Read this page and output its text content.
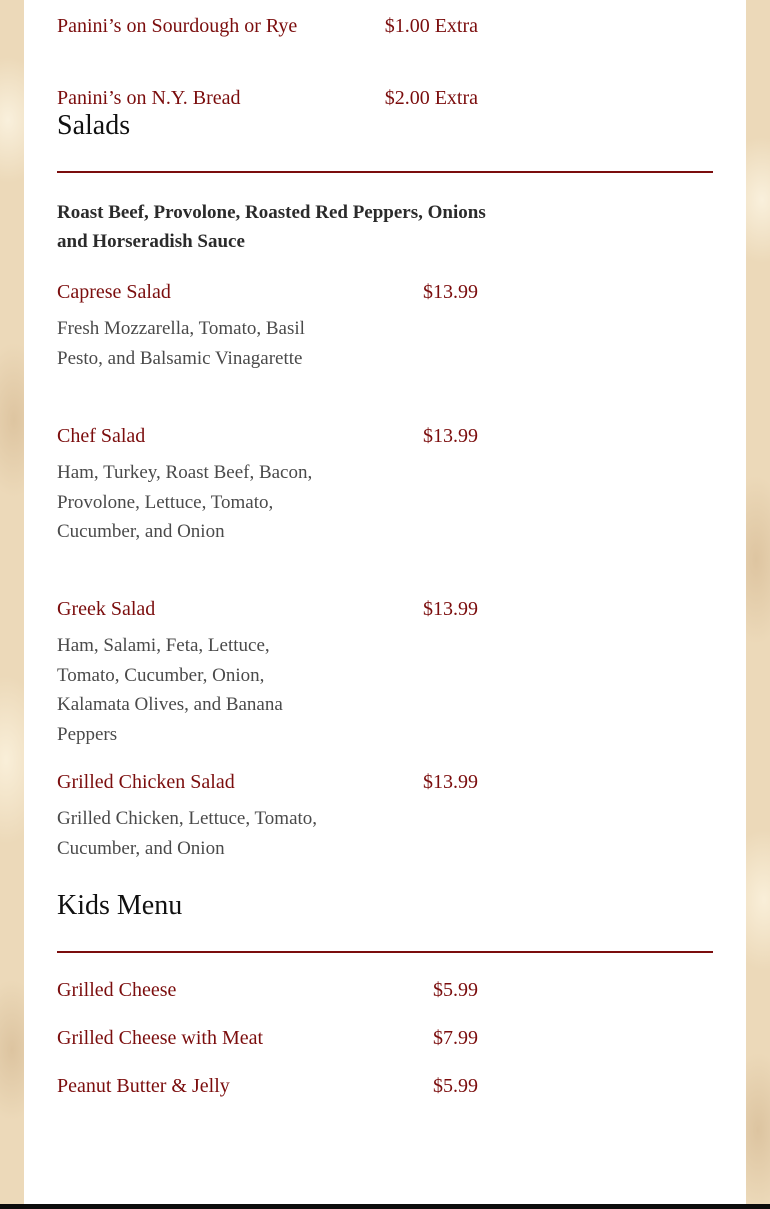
Panini’s on Sourdough or Rye	$1.00 Extra
Panini’s on N.Y. Bread	$2.00 Extra
Salads
Roast Beef, Provolone, Roasted Red Peppers, Onions and Horseradish Sauce
Caprese Salad	$13.99
Fresh Mozzarella, Tomato, Basil Pesto, and Balsamic Vinagarette
Chef Salad	$13.99
Ham, Turkey, Roast Beef, Bacon, Provolone, Lettuce, Tomato, Cucumber, and Onion
Greek Salad	$13.99
Ham, Salami, Feta, Lettuce, Tomato, Cucumber, Onion, Kalamata Olives, and Banana Peppers
Grilled Chicken Salad	$13.99
Grilled Chicken, Lettuce, Tomato, Cucumber, and Onion
Kids Menu
Grilled Cheese	$5.99
Grilled Cheese with Meat	$7.99
Peanut Butter & Jelly	$5.99
